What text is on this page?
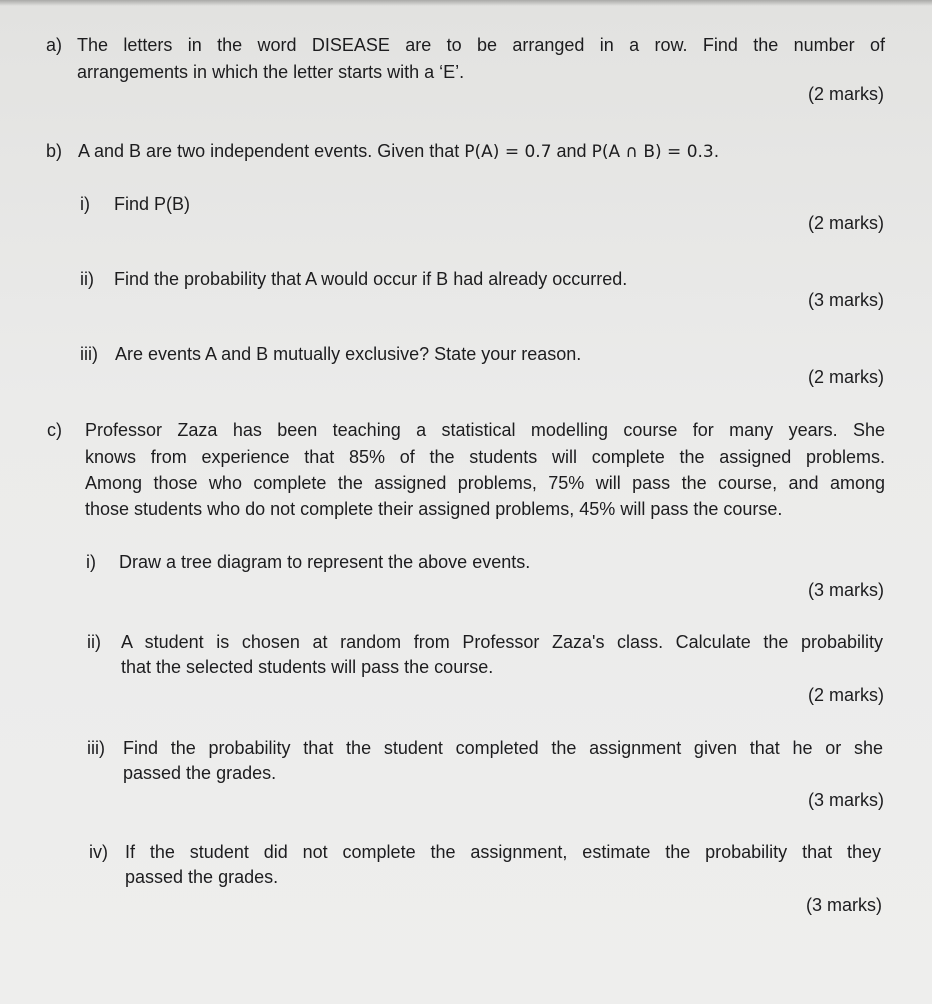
a) The letters in the word DISEASE are to be arranged in a row. Find the number of
arrangements in which the letter starts with a ‘E’.
(2 marks)
b) A and B are two independent events. Given that P(A) = 0.7 and P(A ∩ B) = 0.3.
i) Find P(B)
(2 marks)
ii) Find the probability that A would occur if B had already occurred.
(3 marks)
iii) Are events A and B mutually exclusive? State your reason.
(2 marks)
c) Professor Zaza has been teaching a statistical modelling course for many years. She
knows from experience that 85% of the students will complete the assigned problems.
Among those who complete the assigned problems, 75% will pass the course, and among
those students who do not complete their assigned problems, 45% will pass the course.
i) Draw a tree diagram to represent the above events.
(3 marks)
ii) A student is chosen at random from Professor Zaza's class. Calculate the probability
that the selected students will pass the course.
(2 marks)
iii) Find the probability that the student completed the assignment given that he or she
passed the grades.
(3 marks)
iv) If the student did not complete the assignment, estimate the probability that they
passed the grades.
(3 marks)
